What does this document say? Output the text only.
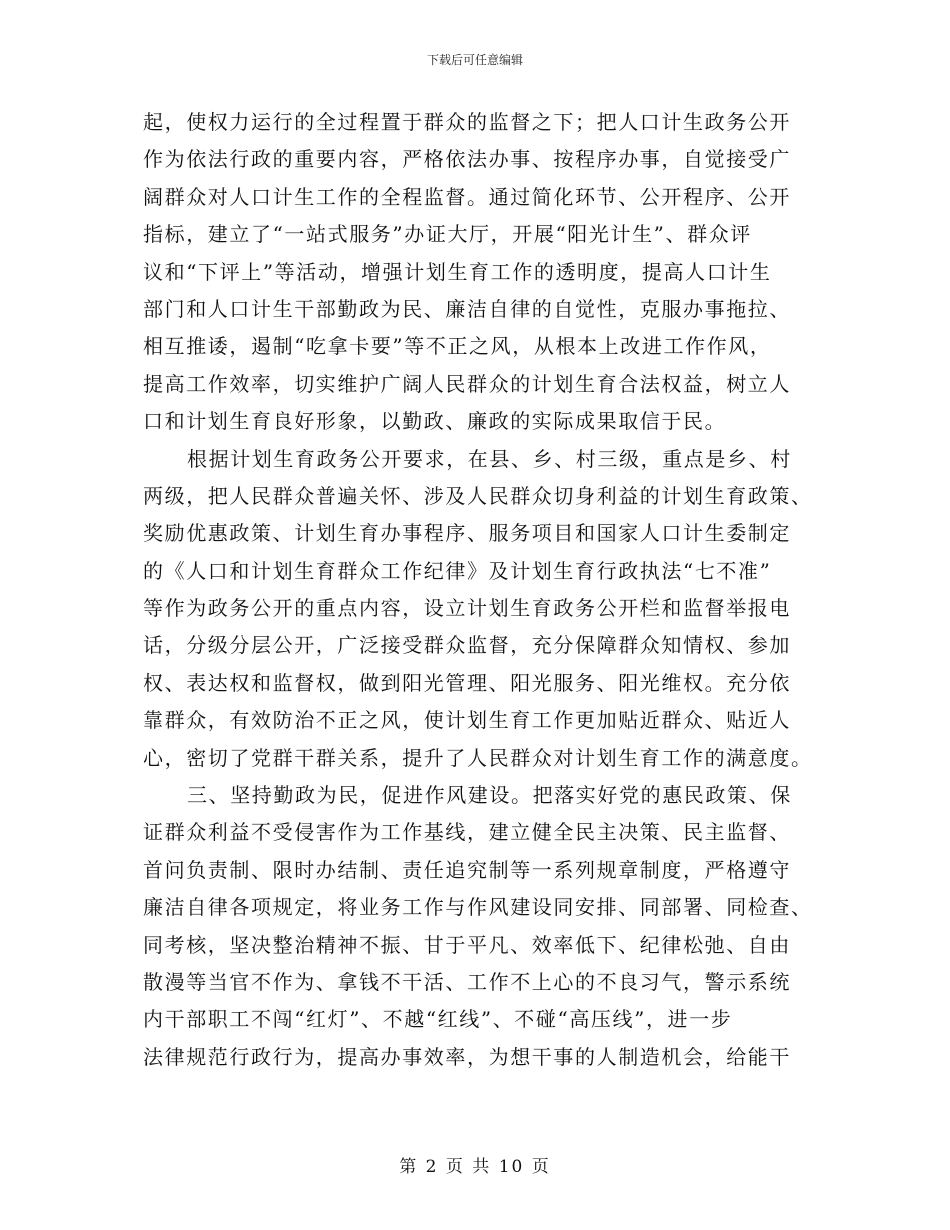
下载后可任意编辑
起，使权力运行的全过程置于群众的监督之下；把人口计生政务公开
作为依法行政的重要内容，严格依法办事、按程序办事，自觉接受广
阔群众对人口计生工作的全程监督。通过简化环节、公开程序、公开
指标，建立了“一站式服务”办证大厅，开展“阳光计生”、群众评
议和“下评上”等活动，增强计划生育工作的透明度，提高人口计生
部门和人口计生干部勤政为民、廉洁自律的自觉性，克服办事拖拉、
相互推诿，遏制“吃拿卡要”等不正之风，从根本上改进工作作风，
提高工作效率，切实维护广阔人民群众的计划生育合法权益，树立人
口和计划生育良好形象，以勤政、廉政的实际成果取信于民。
根据计划生育政务公开要求，在县、乡、村三级，重点是乡、村
两级，把人民群众普遍关怀、涉及人民群众切身利益的计划生育政策、
奖励优惠政策、计划生育办事程序、服务项目和国家人口计生委制定
的《人口和计划生育群众工作纪律》及计划生育行政执法“七不准”
等作为政务公开的重点内容，设立计划生育政务公开栏和监督举报电
话，分级分层公开，广泛接受群众监督，充分保障群众知情权、参加
权、表达权和监督权，做到阳光管理、阳光服务、阳光维权。充分依
靠群众，有效防治不正之风，使计划生育工作更加贴近群众、贴近人
心，密切了党群干群关系，提升了人民群众对计划生育工作的满意度。
三、坚持勤政为民，促进作风建设。把落实好党的惠民政策、保
证群众利益不受侵害作为工作基线，建立健全民主决策、民主监督、
首问负责制、限时办结制、责任追究制等一系列规章制度，严格遵守
廉洁自律各项规定，将业务工作与作风建设同安排、同部署、同检查、
同考核，坚决整治精神不振、甘于平凡、效率低下、纪律松弛、自由
散漫等当官不作为、拿钱不干活、工作不上心的不良习气，警示系统
内干部职工不闯“红灯”、不越“红线”、不碰“高压线”，进一步
法律规范行政行为，提高办事效率，为想干事的人制造机会，给能干
第 2 页 共 10 页
